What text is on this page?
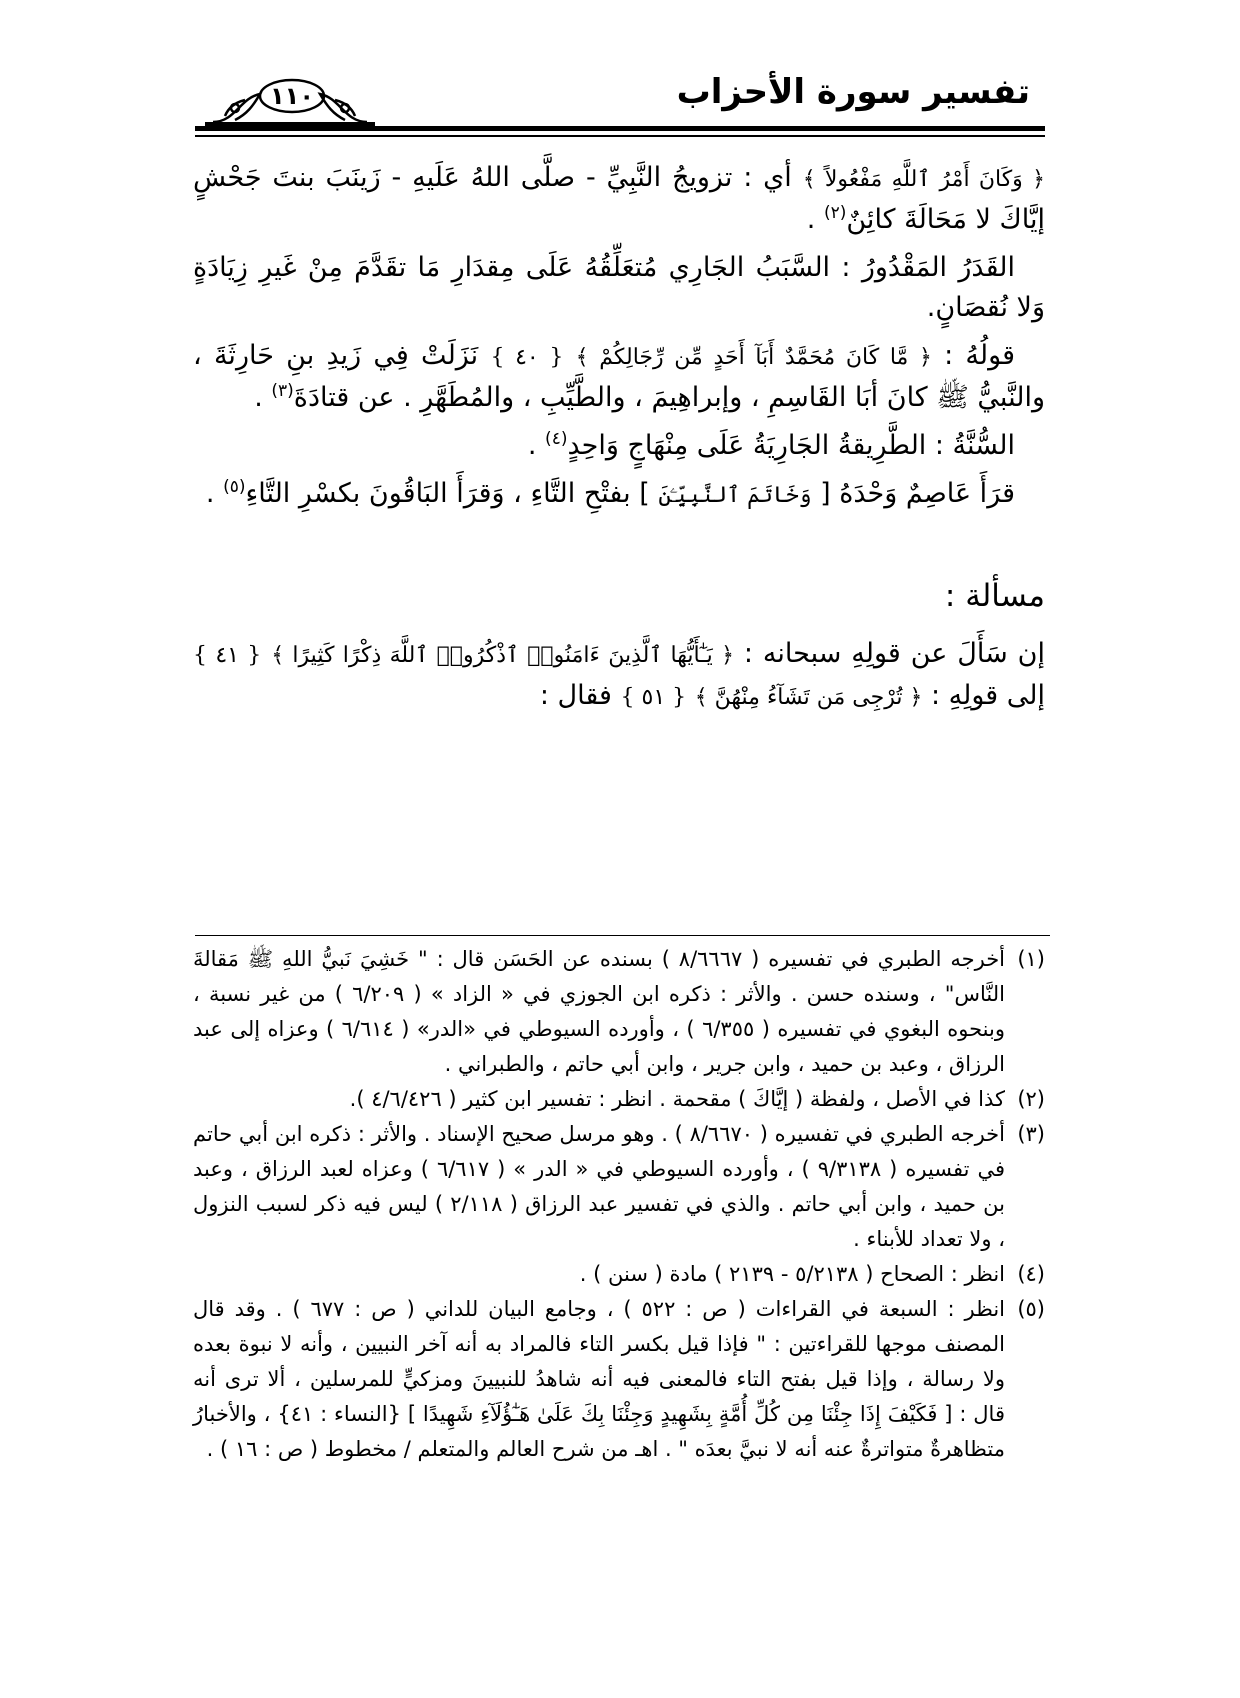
تفسير سورة الأحزاب
١١٠

﴿ وَكَانَ أَمْرُ ٱللَّهِ مَفْعُولاً ﴾ أي : تزويجُ النَّبِيِّ - صلَّى اللهُ عَلَيهِ - زَينَبَ بنتَ جَحْشٍ إيَّاكَ لا مَحَالَةَ كائِنٌ$^{(٢)}$ .

القَدَرُ المَقْدُورُ : السَّبَبُ الجَارِي مُتعَلِّقُهُ عَلَى مِقدَارِ مَا تقَدَّمَ مِنْ غَيرِ زِيَادَةٍ وَلا نُقصَانٍ.

قولُهُ : ﴿ مَّا كَانَ مُحَمَّدٌ أَبَآ أَحَدٍ مِّن رِّجَالِكُمْ ﴾ { ٤٠ } نَزَلَتْ فِي زَيدِ بنِ حَارِثَةَ ، والنَّبيُّ ﷺ كانَ أبَا القَاسِمِ ، وإبراهِيمَ ، والطَّيِّبِ ، والمُطَهَّرِ . عن قتادَةَ$^{(٣)}$ .

السُّنَّةُ : الطَّرِيقةُ الجَارِيَةُ عَلَى مِنْهَاجٍ وَاحِدٍ$^{(٤)}$ .

قرَأَ عَاصِمٌ وَحْدَهُ [ وَخَاتَمَ ٱلنَّبِيِّـۧنَ ] بفتْحِ التَّاءِ ، وَقرَأَ البَاقُونَ بكسْرِ التَّاءِ$^{(٥)}$ .

مسألة :

إن سَأَلَ عن قولِهِ سبحانه : ﴿ يَـٰٓأَيُّهَا ٱلَّذِينَ ءَامَنُوا۟ ٱذْكُرُوا۟ ٱللَّهَ ذِكْرًا كَثِيرًا ﴾ { ٤١ } إلى قولِهِ : ﴿ تُرْجِى مَن تَشَآءُ مِنْهُنَّ ﴾ { ٥١ } فقال :

(١)
أخرجه الطبري في تفسيره ( ٨/٦٦٦٧ ) بسنده عن الحَسَن قال : " خَشِيَ نَبيُّ اللهِ ﷺ مَقالةَ النَّاس" ، وسنده حسن . والأثر : ذكره ابن الجوزي في « الزاد » ( ٦/٢٠٩ ) من غير نسبة ، وبنحوه البغوي في تفسيره ( ٦/٣٥٥ ) ، وأورده السيوطي في «الدر» ( ٦/٦١٤ ) وعزاه إلى عبد الرزاق ، وعبد بن حميد ، وابن جرير ، وابن أبي حاتم ، والطبراني .
(٢)
كذا في الأصل ، ولفظة ( إيَّاكَ ) مقحمة . انظر : تفسير ابن كثير ( ٤/٦/٤٢٦ ).
(٣)
أخرجه الطبري في تفسيره ( ٨/٦٦٧٠ ) . وهو مرسل صحيح الإسناد . والأثر : ذكره ابن أبي حاتم في تفسيره ( ٩/٣١٣٨ ) ، وأورده السيوطي في « الدر » ( ٦/٦١٧ ) وعزاه لعبد الرزاق ، وعبد بن حميد ، وابن أبي حاتم . والذي في تفسير عبد الرزاق ( ٢/١١٨ ) ليس فيه ذكر لسبب النزول ، ولا تعداد للأبناء .
(٤)
انظر : الصحاح ( ٥/٢١٣٨ - ٢١٣٩ ) مادة ( سنن ) .
(٥)
انظر : السبعة في القراءات ( ص : ٥٢٢ ) ، وجامع البيان للداني ( ص : ٦٧٧ ) . وقد قال المصنف موجها للقراءتين : " فإذا قيل بكسر التاء فالمراد به أنه آخر النبيين ، وأنه لا نبوة بعده ولا رسالة ، وإذا قيل بفتح التاء فالمعنى فيه أنه شاهدُ للنبيينَ ومزكيٍّ للمرسلين ، ألا ترى أنه قال : [ فَكَيْفَ إِذَا جِئْنَا مِن كُلِّ أُمَّةٍ بِشَهِيدٍ وَجِئْنَا بِكَ عَلَىٰ هَـٰٓؤُلَآءِ شَهِيدًا ] {النساء : ٤١} ، والأخبارُ متظاهرةٌ متواترةٌ عنه أنه لا نبيَّ بعدَه " . اهـ من شرح العالم والمتعلم / مخطوط ( ص : ١٦ ) .
